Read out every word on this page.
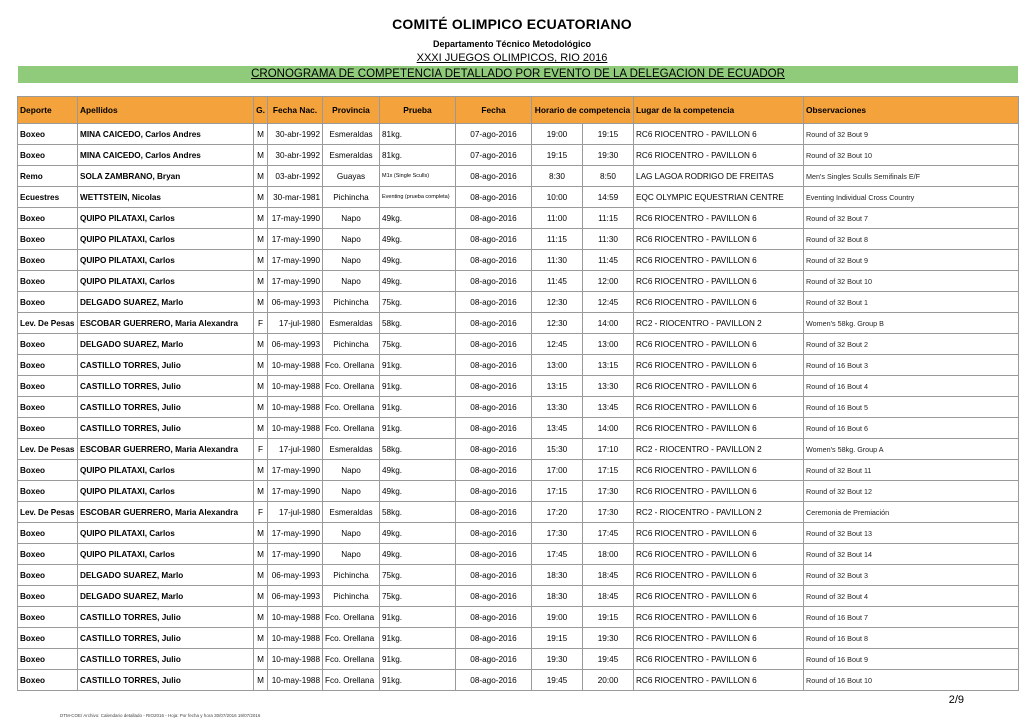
COMITÉ OLIMPICO ECUATORIANO
Departamento Técnico Metodológico
XXXI JUEGOS OLIMPICOS, RIO 2016
CRONOGRAMA DE COMPETENCIA DETALLADO POR EVENTO DE LA DELEGACION DE ECUADOR
Deporte	Apellidos	G.	Fecha Nac.	Provincia	Prueba	Fecha	Horario de competencia		Lugar de la competencia	Observaciones
Boxeo	MINA CAICEDO, Carlos Andres	M	30-abr-1992	Esmeraldas	81kg.	07-ago-2016	19:00	19:15	RC6 RIOCENTRO - PAVILLON 6	Round of 32 Bout 9
Boxeo	MINA CAICEDO, Carlos Andres	M	30-abr-1992	Esmeraldas	81kg.	07-ago-2016	19:15	19:30	RC6 RIOCENTRO - PAVILLON 6	Round of 32 Bout 10
Remo	SOLA ZAMBRANO, Bryan	M	03-abr-1992	Guayas	M1x (Single Sculls)	08-ago-2016	8:30	8:50	LAG LAGOA RODRIGO DE FREITAS	Men's Singles Sculls Semifinals E/F
Ecuestres	WETTSTEIN, Nicolas	M	30-mar-1981	Pichincha	Eventing (prueba completa)	08-ago-2016	10:00	14:59	EQC OLYMPIC EQUESTRIAN CENTRE	Eventing Individual Cross Country
Boxeo	QUIPO PILATAXI, Carlos	M	17-may-1990	Napo	49kg.	08-ago-2016	11:00	11:15	RC6 RIOCENTRO - PAVILLON 6	Round of 32 Bout 7
Boxeo	QUIPO PILATAXI, Carlos	M	17-may-1990	Napo	49kg.	08-ago-2016	11:15	11:30	RC6 RIOCENTRO - PAVILLON 6	Round of 32 Bout 8
Boxeo	QUIPO PILATAXI, Carlos	M	17-may-1990	Napo	49kg.	08-ago-2016	11:30	11:45	RC6 RIOCENTRO - PAVILLON 6	Round of 32 Bout 9
Boxeo	QUIPO PILATAXI, Carlos	M	17-may-1990	Napo	49kg.	08-ago-2016	11:45	12:00	RC6 RIOCENTRO - PAVILLON 6	Round of 32 Bout 10
Boxeo	DELGADO SUAREZ, Marlo	M	06-may-1993	Pichincha	75kg.	08-ago-2016	12:30	12:45	RC6 RIOCENTRO - PAVILLON 6	Round of 32 Bout 1
Lev. De Pesas	ESCOBAR GUERRERO, Maria Alexandra	F	17-jul-1980	Esmeraldas	58kg.	08-ago-2016	12:30	14:00	RC2 - RIOCENTRO - PAVILLON 2	Women's 58kg. Group B
Boxeo	DELGADO SUAREZ, Marlo	M	06-may-1993	Pichincha	75kg.	08-ago-2016	12:45	13:00	RC6 RIOCENTRO - PAVILLON 6	Round of 32 Bout 2
Boxeo	CASTILLO TORRES, Julio	M	10-may-1988	Fco. Orellana	91kg.	08-ago-2016	13:00	13:15	RC6 RIOCENTRO - PAVILLON 6	Round of 16 Bout 3
Boxeo	CASTILLO TORRES, Julio	M	10-may-1988	Fco. Orellana	91kg.	08-ago-2016	13:15	13:30	RC6 RIOCENTRO - PAVILLON 6	Round of 16 Bout 4
Boxeo	CASTILLO TORRES, Julio	M	10-may-1988	Fco. Orellana	91kg.	08-ago-2016	13:30	13:45	RC6 RIOCENTRO - PAVILLON 6	Round of 16 Bout 5
Boxeo	CASTILLO TORRES, Julio	M	10-may-1988	Fco. Orellana	91kg.	08-ago-2016	13:45	14:00	RC6 RIOCENTRO - PAVILLON 6	Round of 16 Bout 6
Lev. De Pesas	ESCOBAR GUERRERO, Maria Alexandra	F	17-jul-1980	Esmeraldas	58kg.	08-ago-2016	15:30	17:10	RC2 - RIOCENTRO - PAVILLON 2	Women's 58kg. Group A
Boxeo	QUIPO PILATAXI, Carlos	M	17-may-1990	Napo	49kg.	08-ago-2016	17:00	17:15	RC6 RIOCENTRO - PAVILLON 6	Round of 32 Bout 11
Boxeo	QUIPO PILATAXI, Carlos	M	17-may-1990	Napo	49kg.	08-ago-2016	17:15	17:30	RC6 RIOCENTRO - PAVILLON 6	Round of 32 Bout 12
Lev. De Pesas	ESCOBAR GUERRERO, Maria Alexandra	F	17-jul-1980	Esmeraldas	58kg.	08-ago-2016	17:20	17:30	RC2 - RIOCENTRO - PAVILLON 2	Ceremonia de Premiación
Boxeo	QUIPO PILATAXI, Carlos	M	17-may-1990	Napo	49kg.	08-ago-2016	17:30	17:45	RC6 RIOCENTRO - PAVILLON 6	Round of 32 Bout 13
Boxeo	QUIPO PILATAXI, Carlos	M	17-may-1990	Napo	49kg.	08-ago-2016	17:45	18:00	RC6 RIOCENTRO - PAVILLON 6	Round of 32 Bout 14
Boxeo	DELGADO SUAREZ, Marlo	M	06-may-1993	Pichincha	75kg.	08-ago-2016	18:30	18:45	RC6 RIOCENTRO - PAVILLON 6	Round of 32 Bout 3
Boxeo	DELGADO SUAREZ, Marlo	M	06-may-1993	Pichincha	75kg.	08-ago-2016	18:30	18:45	RC6 RIOCENTRO - PAVILLON 6	Round of 32 Bout 4
Boxeo	CASTILLO TORRES, Julio	M	10-may-1988	Fco. Orellana	91kg.	08-ago-2016	19:00	19:15	RC6 RIOCENTRO - PAVILLON 6	Round of 16 Bout 7
Boxeo	CASTILLO TORRES, Julio	M	10-may-1988	Fco. Orellana	91kg.	08-ago-2016	19:15	19:30	RC6 RIOCENTRO - PAVILLON 6	Round of 16 Bout 8
Boxeo	CASTILLO TORRES, Julio	M	10-may-1988	Fco. Orellana	91kg.	08-ago-2016	19:30	19:45	RC6 RIOCENTRO - PAVILLON 6	Round of 16 Bout 9
Boxeo	CASTILLO TORRES, Julio	M	10-may-1988	Fco. Orellana	91kg.	08-ago-2016	19:45	20:00	RC6 RIOCENTRO - PAVILLON 6	Round of 16 Bout 10
DTM-COE/ Archivo: Calendario detallado - RIO2016 - Hoja: Por fecha y hora 30/07/2016 19/07/2016
2/9
